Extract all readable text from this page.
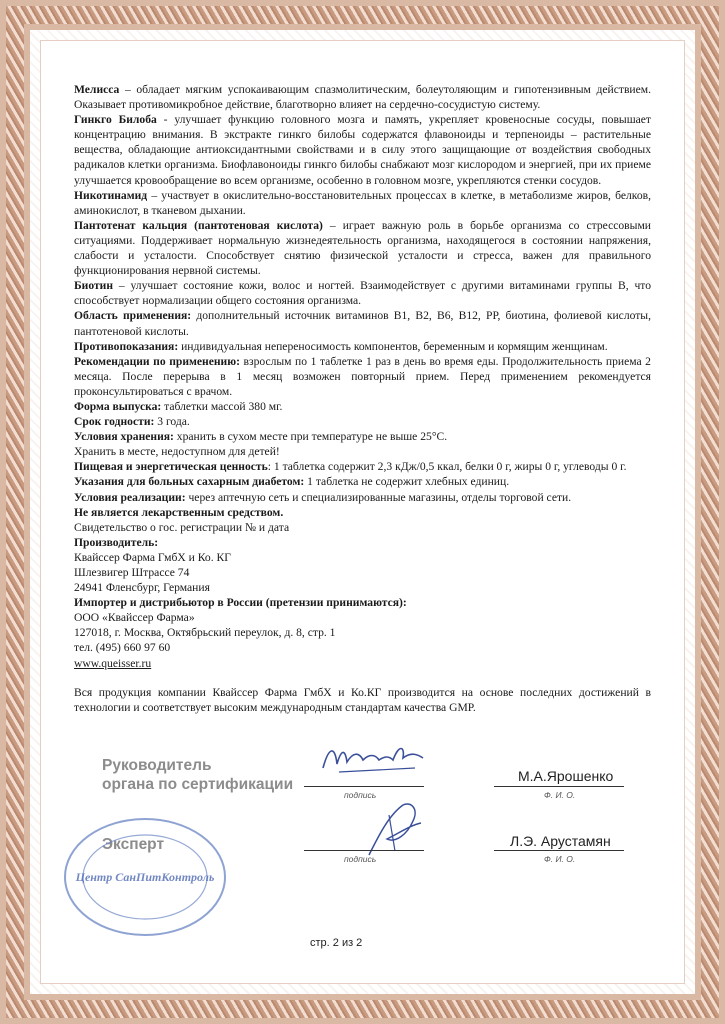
Мелисса – обладает мягким успокаивающим спазмолитическим, болеутоляющим и гипотензивным действием. Оказывает противомикробное действие, благотворно влияет на сердечно-сосудистую систему.

Гинкго Билоба - улучшает функцию головного мозга и память, укрепляет кровеносные сосуды, повышает концентрацию внимания. В экстракте гинкго билобы содержатся флавоноиды и терпеноиды – растительные вещества, обладающие антиоксидантными свойствами и в силу этого защищающие от воздействия свободных радикалов клетки организма. Биофлавоноиды гинкго билобы снабжают мозг кислородом и энергией, при их приеме улучшается кровообращение во всем организме, особенно в головном мозге, укрепляются стенки сосудов.

Никотинамид – участвует в окислительно-восстановительных процессах в клетке, в метаболизме жиров, белков, аминокислот, в тканевом дыхании.

Пантотенат кальция (пантотеновая кислота) – играет важную роль в борьбе организма со стрессовыми ситуациями. Поддерживает нормальную жизнедеятельность организма, находящегося в состоянии напряжения, слабости и усталости. Способствует снятию физической усталости и стресса, важен для правильного функционирования нервной системы.

Биотин – улучшает состояние кожи, волос и ногтей. Взаимодействует с другими витаминами группы В, что способствует нормализации общего состояния организма.

Область применения: дополнительный источник витаминов В1, В2, В6, В12, РР, биотина, фолиевой кислоты, пантотеновой кислоты.

Противопоказания: индивидуальная непереносимость компонентов, беременным и кормящим женщинам.

Рекомендации по применению: взрослым по 1 таблетке 1 раз в день во время еды. Продолжительность приема 2 месяца. После перерыва в 1 месяц возможен повторный прием. Перед применением рекомендуется проконсультироваться с врачом.

Форма выпуска: таблетки массой 380 мг.

Срок годности: 3 года.

Условия хранения: хранить в сухом месте при температуре не выше 25°С.

Хранить в месте, недоступном для детей!

Пищевая и энергетическая ценность: 1 таблетка содержит 2,3 кДж/0,5 ккал, белки 0 г, жиры 0 г, углеводы 0 г.

Указания для больных сахарным диабетом: 1 таблетка не содержит хлебных единиц.

Условия реализации: через аптечную сеть и специализированные магазины, отделы торговой сети.

Не является лекарственным средством.

Свидетельство о гос. регистрации № и дата

Производитель:

Квайссер Фарма ГмбХ и Ко. КГ

Шлезвигер Штрассе 74

24941 Фленсбург, Германия

Импортер и дистрибьютор в России (претензии принимаются):

ООО «Квайссер Фарма»

127018, г. Москва, Октябрьский переулок, д. 8, стр. 1

тел. (495) 660 97 60

www.queisser.ru

Вся продукция компании Квайссер Фарма ГмбХ и Ко.КГ производится на основе последних достижений в технологии и соответствует высоким международным стандартам качества GMP.

Руководитель
органа по сертификации
подпись
М.А.Ярошенко
Ф. И. О.
Эксперт
подпись
Л.Э. Арустамян
Ф. И. О.
Центр СанПитКонтроль
стр. 2 из 2
